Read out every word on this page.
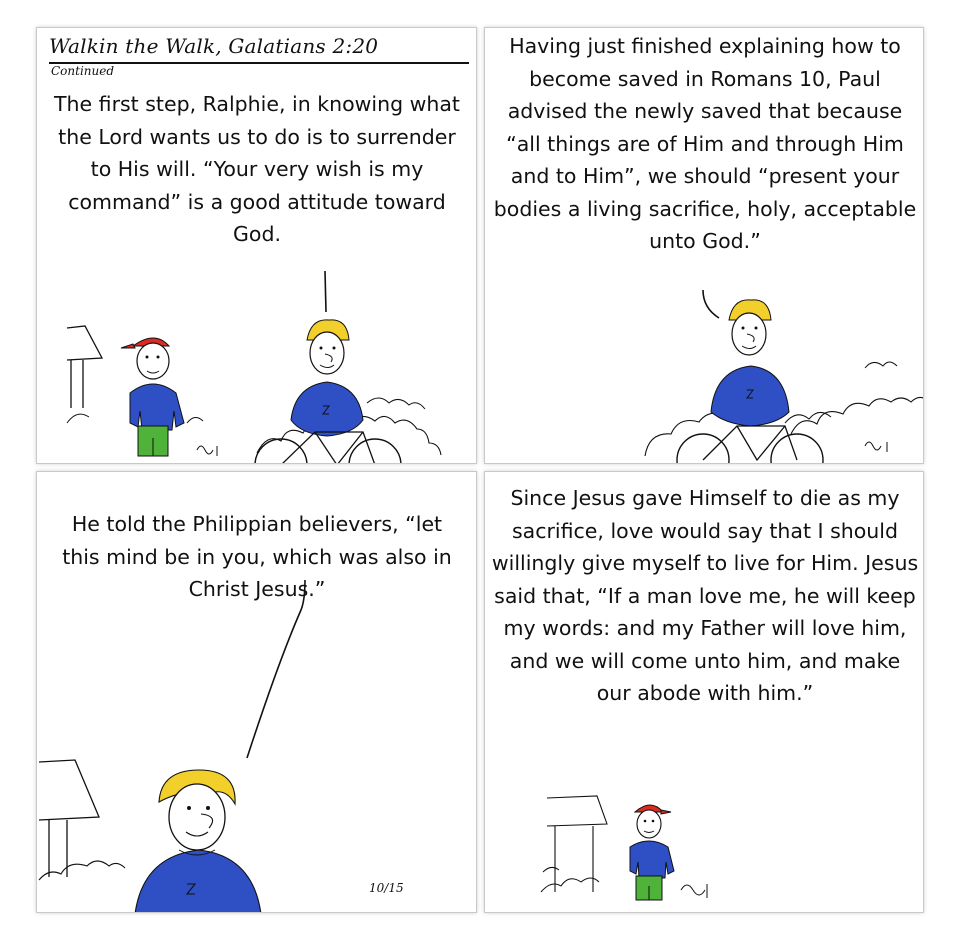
Walkin the Walk, Galatians 2:20
Continued
The first step, Ralphie, in knowing what the Lord wants us to do is to surrender to His will. “Your very wish is my command” is a good attitude toward God.
Having just finished explaining how to become saved in Romans 10, Paul advised the newly saved that because “all things are of Him and through Him and to Him”, we should “present your bodies a living sacrifice, holy, acceptable unto God.”
He told the Philippian believers, “let this mind be in you, which was also in Christ Jesus.”
10/15
Since Jesus gave Himself to die as my sacrifice, love would say that I should willingly give myself to live for Him. Jesus said that, “If a man love me, he will keep my words: and my Father will love him, and we will come unto him, and make our abode with him.”
